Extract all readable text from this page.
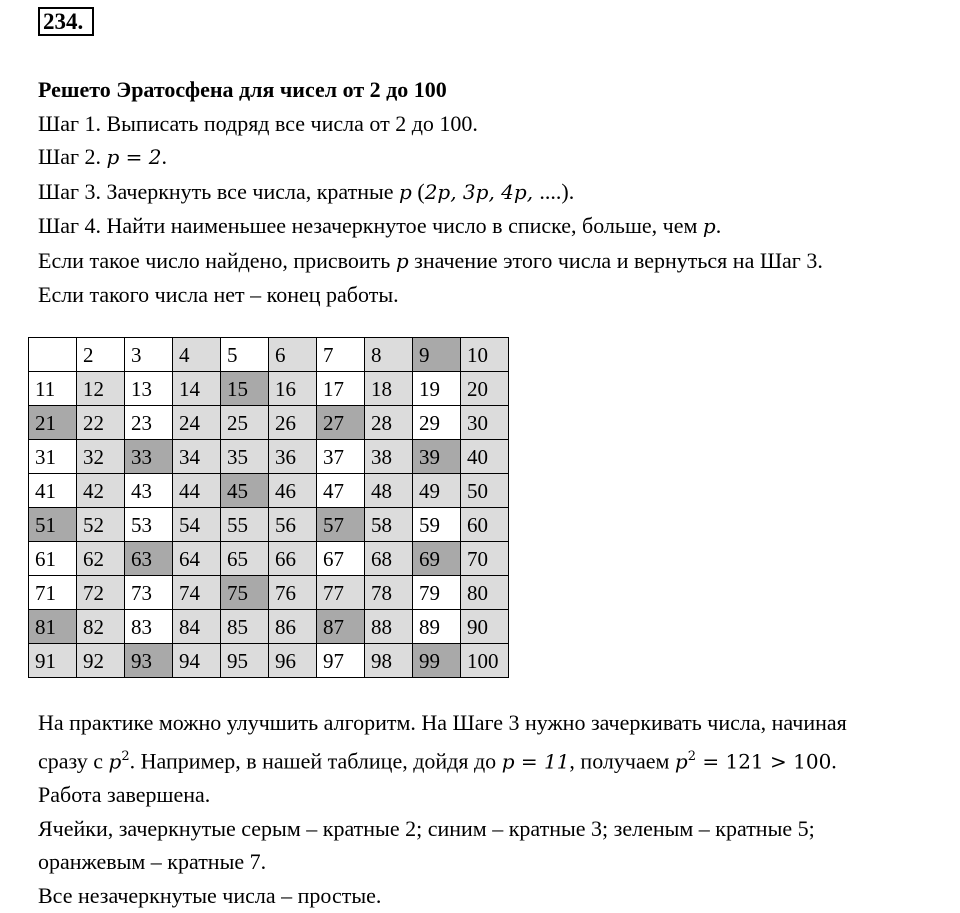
234.
Решето Эратосфена для чисел от 2 до 100
Шаг 1. Выписать подряд все числа от 2 до 100.
Шаг 2. p = 2.
Шаг 3. Зачеркнуть все числа, кратные p (2p, 3p, 4p, ....).
Шаг 4. Найти наименьшее незачеркнутое число в списке, больше, чем p.
Если такое число найдено, присвоить p значение этого числа и вернуться на Шаг 3.
Если такого числа нет – конец работы.
	2	3	4	5	6	7	8	9	10
11	12	13	14	15	16	17	18	19	20
21	22	23	24	25	26	27	28	29	30
31	32	33	34	35	36	37	38	39	40
41	42	43	44	45	46	47	48	49	50
51	52	53	54	55	56	57	58	59	60
61	62	63	64	65	66	67	68	69	70
71	72	73	74	75	76	77	78	79	80
81	82	83	84	85	86	87	88	89	90
91	92	93	94	95	96	97	98	99	100
На практике можно улучшить алгоритм. На Шаге 3 нужно зачеркивать числа, начиная
сразу с $p^2$. Например, в нашей таблице, дойдя до p = 11, получаем $p^2 = 121 > 100$.
Работа завершена.
Ячейки, зачеркнутые серым – кратные 2; синим – кратные 3; зеленым – кратные 5;
оранжевым – кратные 7.
Все незачеркнутые числа – простые.
